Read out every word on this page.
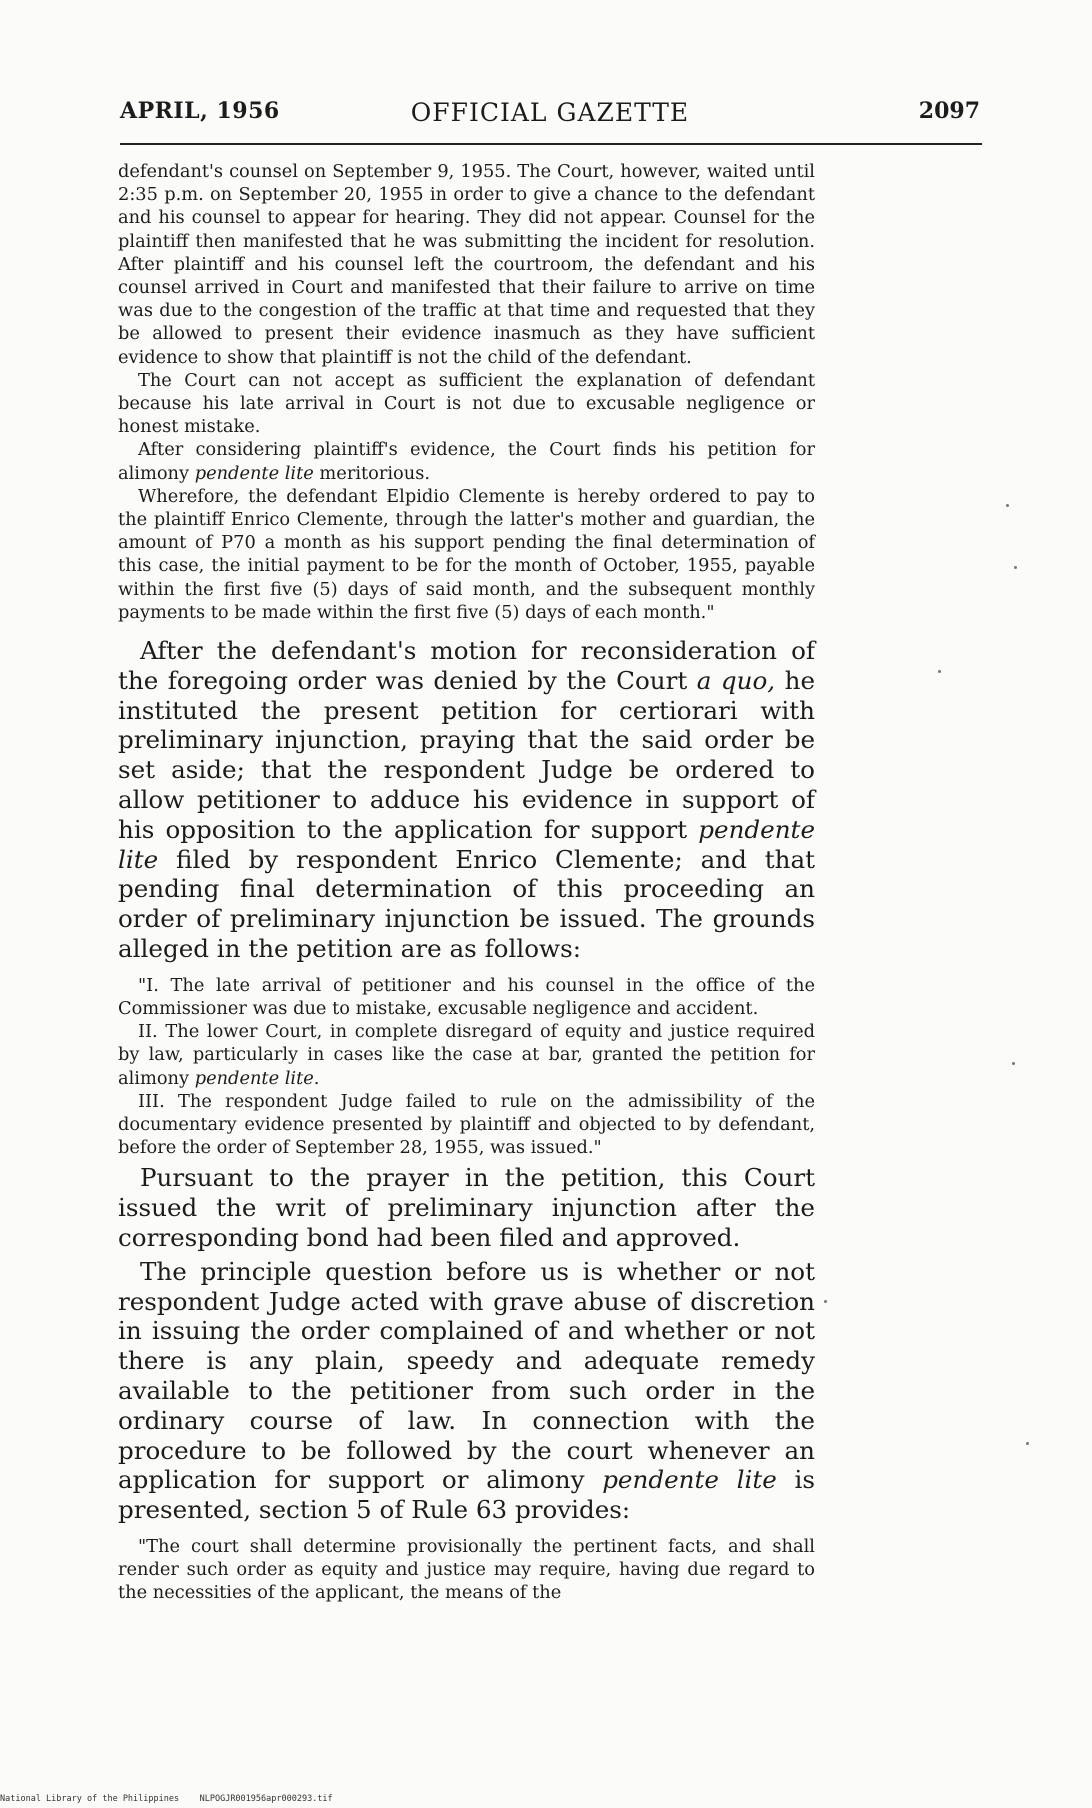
APRIL, 1956	OFFICIAL GAZETTE	2097

defendant's counsel on September 9, 1955. The Court, however, waited until 2:35 p.m. on September 20, 1955 in order to give a chance to the defendant and his counsel to appear for hearing. They did not appear. Counsel for the plaintiff then manifested that he was submitting the incident for resolution. After plaintiff and his counsel left the courtroom, the defendant and his counsel arrived in Court and manifested that their failure to arrive on time was due to the congestion of the traffic at that time and requested that they be allowed to present their evidence inasmuch as they have sufficient evidence to show that plaintiff is not the child of the defendant.

The Court can not accept as sufficient the explanation of defendant because his late arrival in Court is not due to excusable negligence or honest mistake.

After considering plaintiff's evidence, the Court finds his petition for alimony pendente lite meritorious.

Wherefore, the defendant Elpidio Clemente is hereby ordered to pay to the plaintiff Enrico Clemente, through the latter's mother and guardian, the amount of P70 a month as his support pending the final determination of this case, the initial payment to be for the month of October, 1955, payable within the first five (5) days of said month, and the subsequent monthly payments to be made within the first five (5) days of each month."

After the defendant's motion for reconsideration of the foregoing order was denied by the Court a quo, he instituted the present petition for certiorari with preliminary injunction, praying that the said order be set aside; that the respondent Judge be ordered to allow petitioner to adduce his evidence in support of his opposition to the application for support pendente lite filed by respondent Enrico Clemente; and that pending final determination of this proceeding an order of preliminary injunction be issued. The grounds alleged in the petition are as follows:

"I. The late arrival of petitioner and his counsel in the office of the Commissioner was due to mistake, excusable negligence and accident.

II. The lower Court, in complete disregard of equity and justice required by law, particularly in cases like the case at bar, granted the petition for alimony pendente lite.

III. The respondent Judge failed to rule on the admissibility of the documentary evidence presented by plaintiff and objected to by defendant, before the order of September 28, 1955, was issued."

Pursuant to the prayer in the petition, this Court issued the writ of preliminary injunction after the corresponding bond had been filed and approved.

The principle question before us is whether or not respondent Judge acted with grave abuse of discretion in issuing the order complained of and whether or not there is any plain, speedy and adequate remedy available to the petitioner from such order in the ordinary course of law. In connection with the procedure to be followed by the court whenever an application for support or alimony pendente lite is presented, section 5 of Rule 63 provides:

"The court shall determine provisionally the pertinent facts, and shall render such order as equity and justice may require, having due regard to the necessities of the applicant, the means of the

National Library of the Philippines NLPOGJR001956apr000293.tif
